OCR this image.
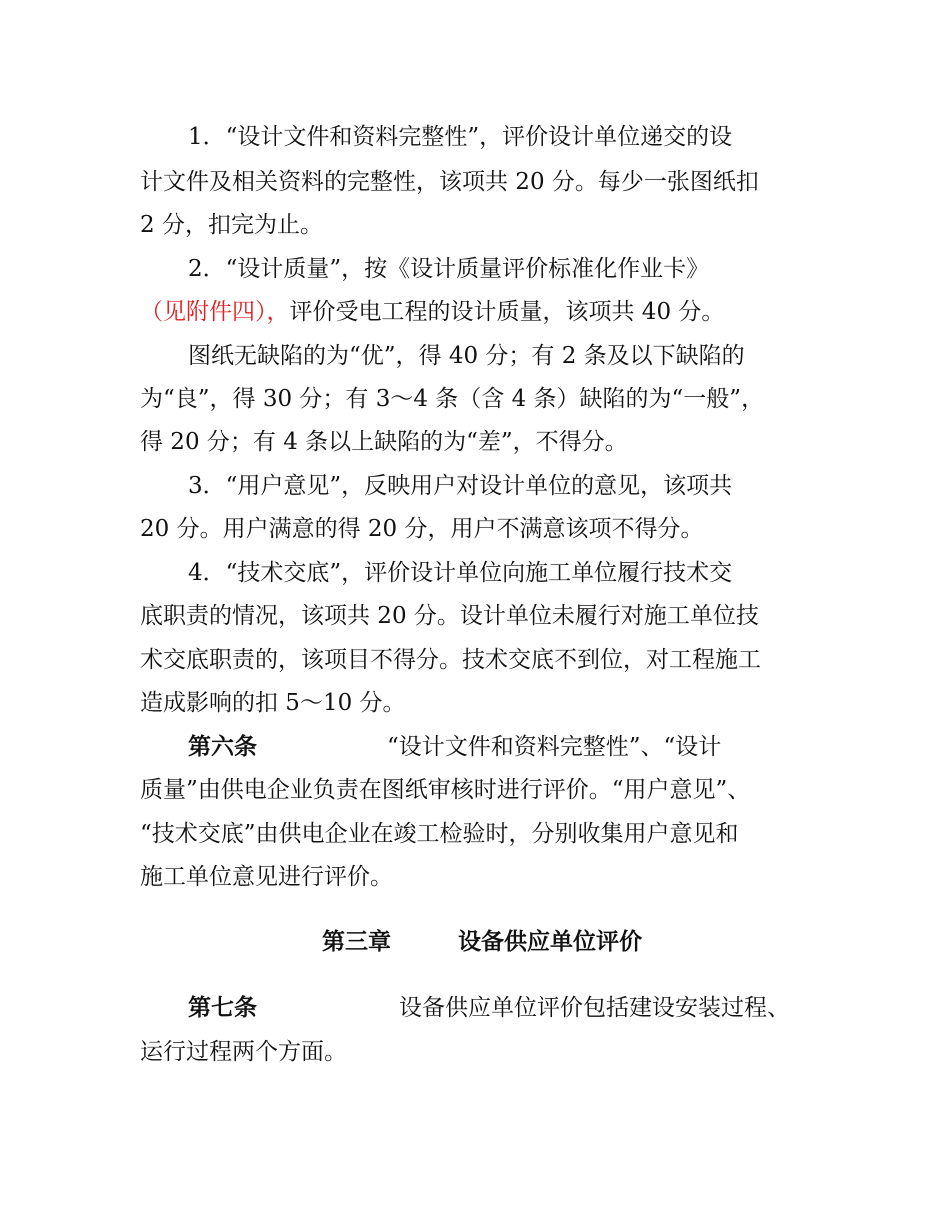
1．“设计文件和资料完整性”，评价设计单位递交的设
计文件及相关资料的完整性，该项共 20 分。每少一张图纸扣
2 分，扣完为止。
2．“设计质量”，按《设计质量评价标准化作业卡》
（见附件四），评价受电工程的设计质量，该项共 40 分。
图纸无缺陷的为“优”，得 40 分；有 2 条及以下缺陷的
为“良”，得 30 分；有 3～4 条（含 4 条）缺陷的为“一般”，
得 20 分；有 4 条以上缺陷的为“差”，不得分。
3．“用户意见”，反映用户对设计单位的意见，该项共
20 分。用户满意的得 20 分，用户不满意该项不得分。
4．“技术交底”，评价设计单位向施工单位履行技术交
底职责的情况，该项共 20 分。设计单位未履行对施工单位技
术交底职责的，该项目不得分。技术交底不到位，对工程施工
造成影响的扣 5～10 分。
第六条	“设计文件和资料完整性”、“设计
质量”由供电企业负责在图纸审核时进行评价。“用户意见”、
“技术交底”由供电企业在竣工检验时，分别收集用户意见和
施工单位意见进行评价。
第三章	设备供应单位评价
第七条	设备供应单位评价包括建设安装过程、
运行过程两个方面。
